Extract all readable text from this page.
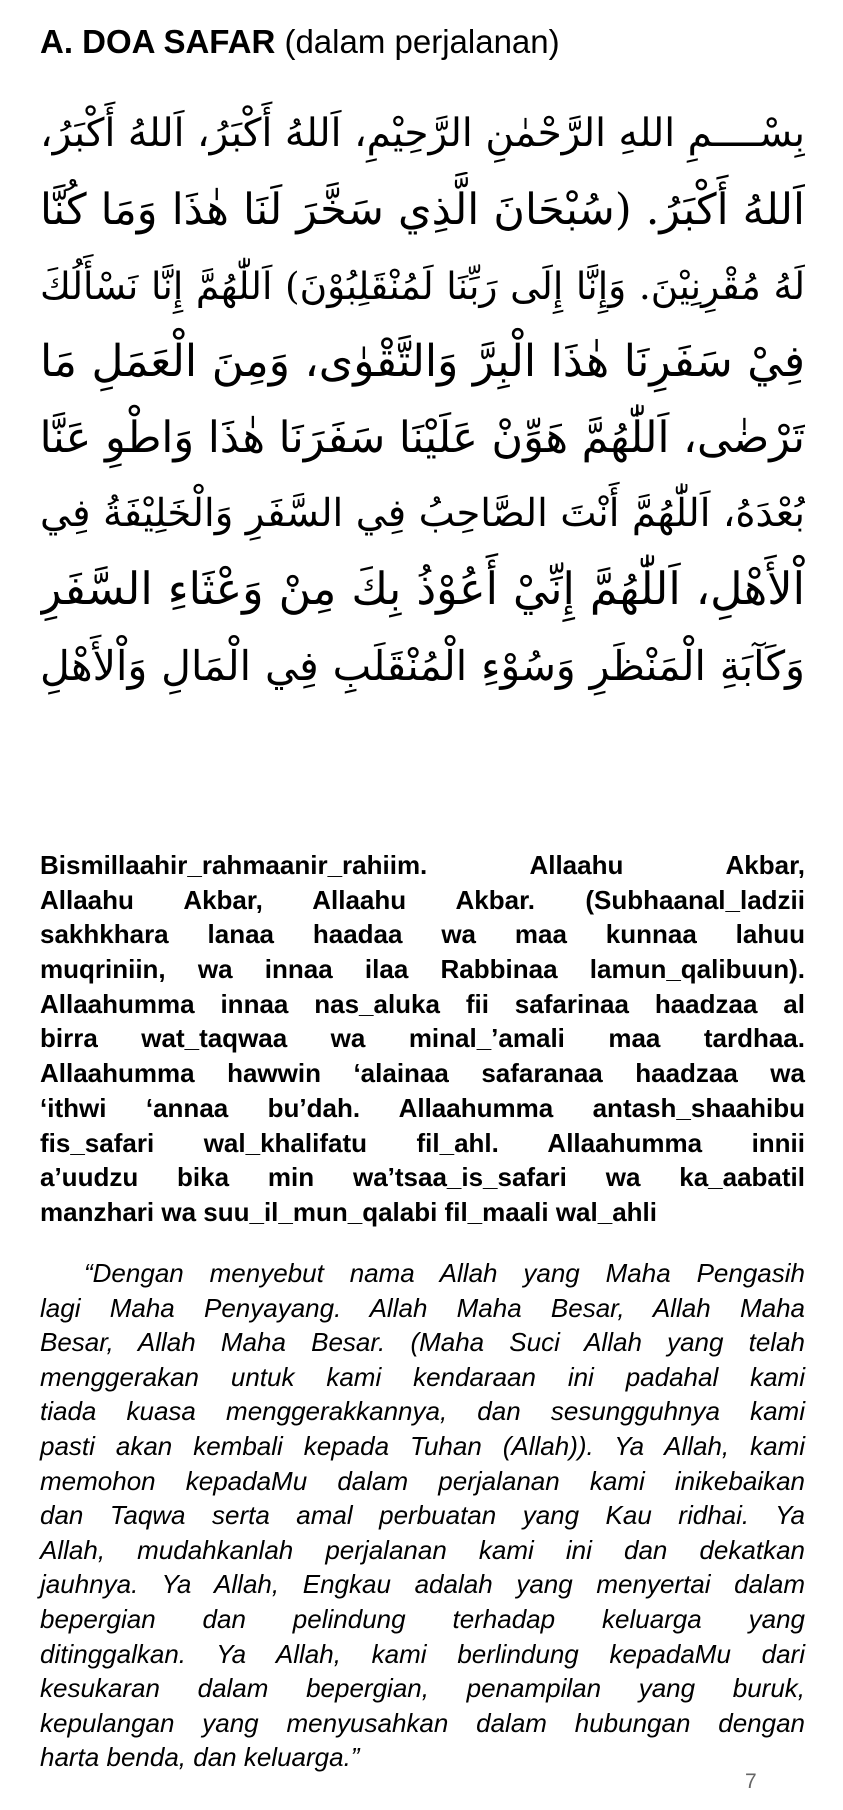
A. DOA SAFAR (dalam perjalanan)
بِسْــــمِ اللهِ الرَّحْمٰنِ الرَّحِيْمِ، اَللهُ أَكْبَرُ، اَللهُ أَكْبَرُ،
اَللهُ أَكْبَرُ. (سُبْحَانَ الَّذِي سَخَّرَ لَنَا هٰذَا وَمَا كُنَّا
لَهُ مُقْرِنِيْنَ. وَإِنَّا إِلَى رَبِّنَا لَمُنْقَلِبُوْنَ) اَللّٰهُمَّ إِنَّا نَسْأَلُكَ
فِيْ سَفَرِنَا هٰذَا الْبِرَّ وَالتَّقْوٰى، وَمِنَ الْعَمَلِ مَا
تَرْضٰى، اَللّٰهُمَّ هَوِّنْ عَلَيْنَا سَفَرَنَا هٰذَا وَاطْوِ عَنَّا
بُعْدَهُ، اَللّٰهُمَّ أَنْتَ الصَّاحِبُ فِي السَّفَرِ وَالْخَلِيْفَةُ فِي
اْلأَهْلِ، اَللّٰهُمَّ إِنِّيْ أَعُوْذُ بِكَ مِنْ وَعْثَاءِ السَّفَرِ
وَكَآبَةِ الْمَنْظَرِ وَسُوْءِ الْمُنْقَلَبِ فِي الْمَالِ وَاْلأَهْلِ
Bismillaahir_rahmaanir_rahiim. Allaahu Akbar,
Allaahu Akbar, Allaahu Akbar. (Subhaanal_ladzii
sakhkhara lanaa haadaa wa maa kunnaa lahuu
muqriniin, wa innaa ilaa Rabbinaa lamun_qalibuun).
Allaahumma innaa nas_aluka fii safarinaa haadzaa al
birra wat_taqwaa wa minal_’amali maa tardhaa.
Allaahumma hawwin ‘alainaa safaranaa haadzaa wa
‘ithwi ‘annaa bu’dah. Allaahumma antash_shaahibu
fis_safari wal_khalifatu fil_ahl. Allaahumma innii
a’uudzu bika min wa’tsaa_is_safari wa ka_aabatil
manzhari wa suu_il_mun_qalabi fil_maali wal_ahli
“Dengan menyebut nama Allah yang Maha Pengasih
lagi Maha Penyayang. Allah Maha Besar, Allah Maha
Besar, Allah Maha Besar. (Maha Suci Allah yang telah
menggerakan untuk kami kendaraan ini padahal kami
tiada kuasa menggerakkannya, dan sesungguhnya kami
pasti akan kembali kepada Tuhan (Allah)). Ya Allah, kami
memohon kepadaMu dalam perjalanan kami inikebaikan
dan Taqwa serta amal perbuatan yang Kau ridhai. Ya
Allah, mudahkanlah perjalanan kami ini dan dekatkan
jauhnya. Ya Allah, Engkau adalah yang menyertai dalam
bepergian dan pelindung terhadap keluarga yang
ditinggalkan. Ya Allah, kami berlindung kepadaMu dari
kesukaran dalam bepergian, penampilan yang buruk,
kepulangan yang menyusahkan dalam hubungan dengan
harta benda, dan keluarga.”
7
